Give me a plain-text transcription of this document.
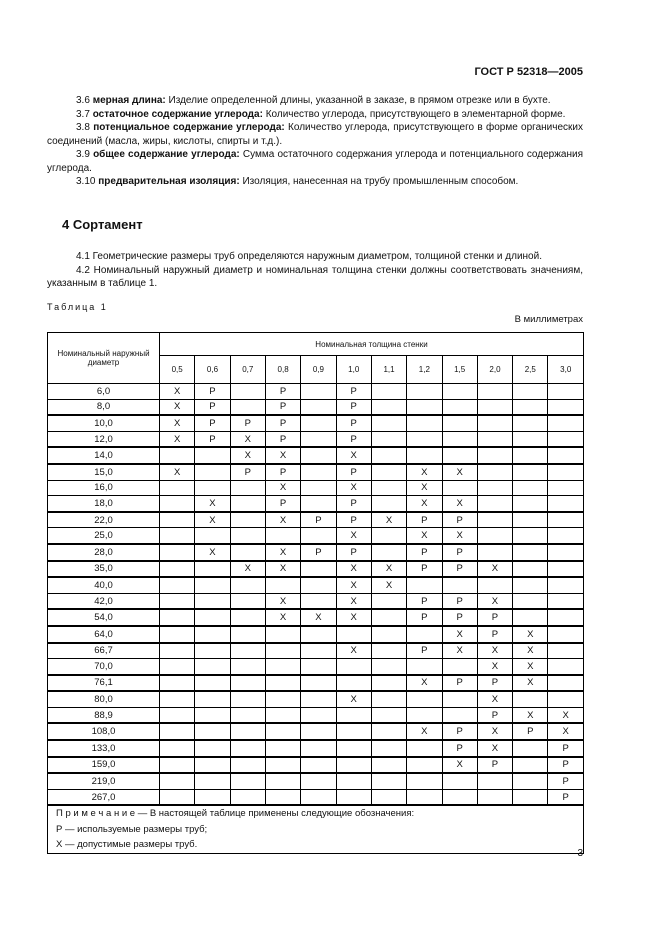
ГОСТ Р 52318—2005

3.6 мерная длина: Изделие определенной длины, указанной в заказе, в прямом отрезке или в бухте.

3.7 остаточное содержание углерода: Количество углерода, присутствующего в элементарной форме.

3.8 потенциальное содержание углерода: Количество углерода, присутствующего в форме органических соединений (масла, жиры, кислоты, спирты и т.д.).

3.9 общее содержание углерода: Сумма остаточного содержания углерода и потенциального содержания углерода.

3.10 предварительная изоляция: Изоляция, нанесенная на трубу промышленным способом.

4 Сортамент

4.1 Геометрические размеры труб определяются наружным диаметром, толщиной стенки и длиной.

4.2 Номинальный наружный диаметр и номинальная толщина стенки должны соответствовать значениям, указанным в таблице 1.

Таблица 1
В миллиметрах
Номинальный наружный диаметр	Номинальная толщина стенки											
	0,5	0,6	0,7	0,8	0,9	1,0	1,1	1,2	1,5	2,0	2,5	3,0
6,0	X	P		P		P						
8,0	X	P		P		P						
10,0	X	P	P	P		P						
12,0	X	P	X	P		P						
14,0			X	X		X						
15,0	X		P	P		P		X	X			
16,0				X		X		X				
18,0		X		P		P		X	X			
22,0		X		X	P	P	X	P	P			
25,0						X		X	X			
28,0		X		X	P	P		P	P			
35,0			X	X		X	X	P	P	X		
40,0						X	X					
42,0				X		X		P	P	X		
54,0				X	X	X		P	P	P		
64,0									X	P	X	
66,7						X		P	X	X	X	
70,0										X	X	
76,1								X	P	P	X	
80,0						X				X		
88,9										P	X	X
108,0								X	P	X	P	X
133,0									P	X		P
159,0									X	P		P
219,0												P
267,0												P

П р и м е ч а н и е — В настоящей таблице применены следующие обозначения:
Р — используемые размеры труб;
Х — допустимые размеры труб.												
3
